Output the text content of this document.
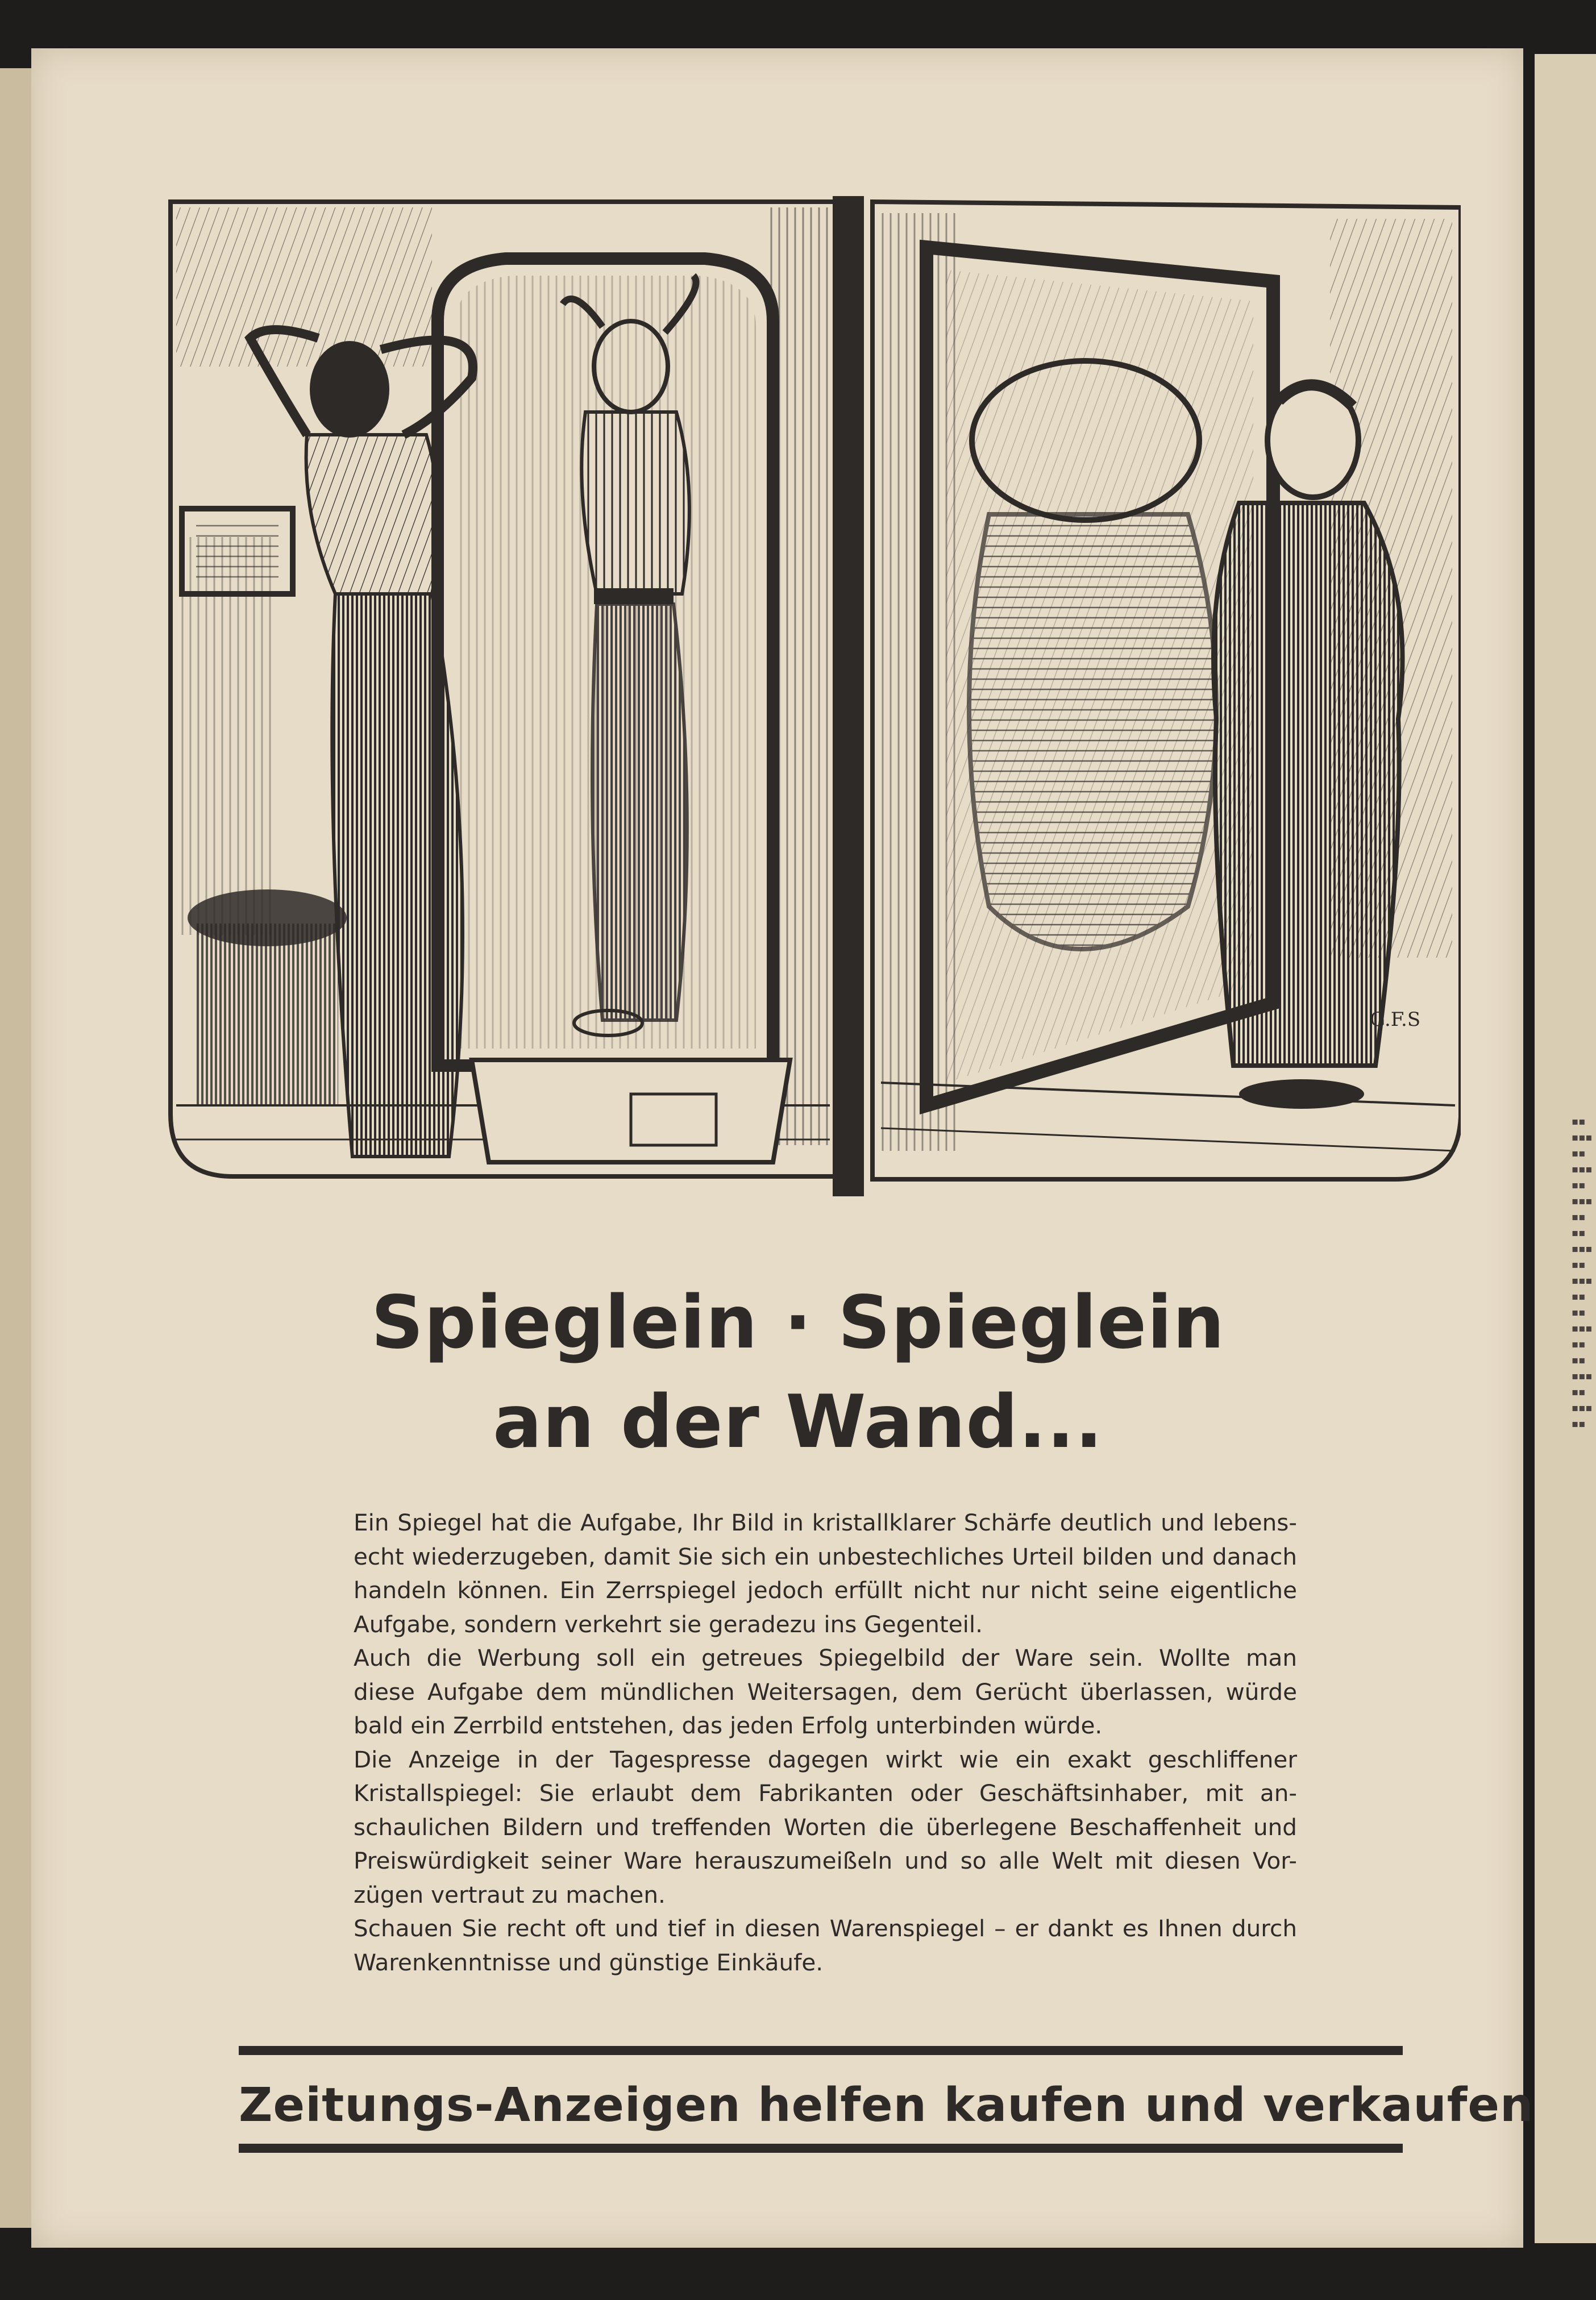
▪▪
▪▪▪
▪▪
▪▪▪
▪▪
▪▪▪
▪▪
▪▪
▪▪▪
▪▪
▪▪▪
▪▪
▪▪
▪▪▪
▪▪
▪▪
▪▪▪
▪▪
▪▪▪
▪▪
G.F.S
Spieglein · Spieglein
an der Wand...
Ein Spiegel hat die Aufgabe, Ihr Bild in kristallklarer Schärfe deutlich und lebens-
echt wiederzugeben, damit Sie sich ein unbestechliches Urteil bilden und danach
handeln können. Ein Zerrspiegel jedoch erfüllt nicht nur nicht seine eigentliche
Aufgabe, sondern verkehrt sie geradezu ins Gegenteil.
Auch die Werbung soll ein getreues Spiegelbild der Ware sein. Wollte man
diese Aufgabe dem mündlichen Weitersagen, dem Gerücht überlassen, würde
bald ein Zerrbild entstehen, das jeden Erfolg unterbinden würde.
Die Anzeige in der Tagespresse dagegen wirkt wie ein exakt geschliffener
Kristallspiegel: Sie erlaubt dem Fabrikanten oder Geschäftsinhaber, mit an-
schaulichen Bildern und treffenden Worten die überlegene Beschaffenheit und
Preiswürdigkeit seiner Ware herauszumeißeln und so alle Welt mit diesen Vor-
zügen vertraut zu machen.
Schauen Sie recht oft und tief in diesen Warenspiegel – er dankt es Ihnen durch
Warenkenntnisse und günstige Einkäufe.
Zeitungs-Anzeigen helfen kaufen und verkaufen
